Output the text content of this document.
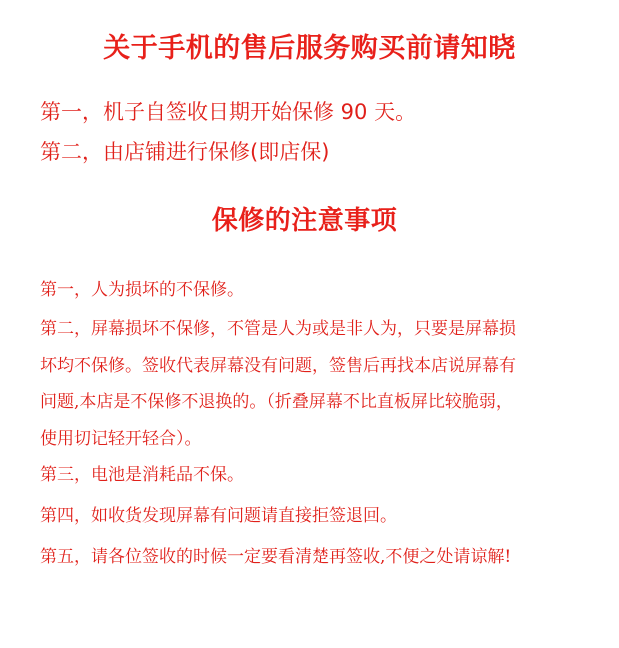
关于手机的售后服务购买前请知晓
第一，机子自签收日期开始保修 90 天。
第二，由店铺进行保修(即店保)
保修的注意事项

第一，人为损坏的不保修。

第二，屏幕损坏不保修，不管是人为或是非人为，只要是屏幕损
坏均不保修。签收代表屏幕没有问题，签售后再找本店说屏幕有
问题,本店是不保修不退换的。（折叠屏幕不比直板屏比较脆弱，
使用切记轻开轻合）。

第三，电池是消耗品不保。

第四，如收货发现屏幕有问题请直接拒签退回。

第五，请各位签收的时候一定要看清楚再签收,不便之处请谅解!
